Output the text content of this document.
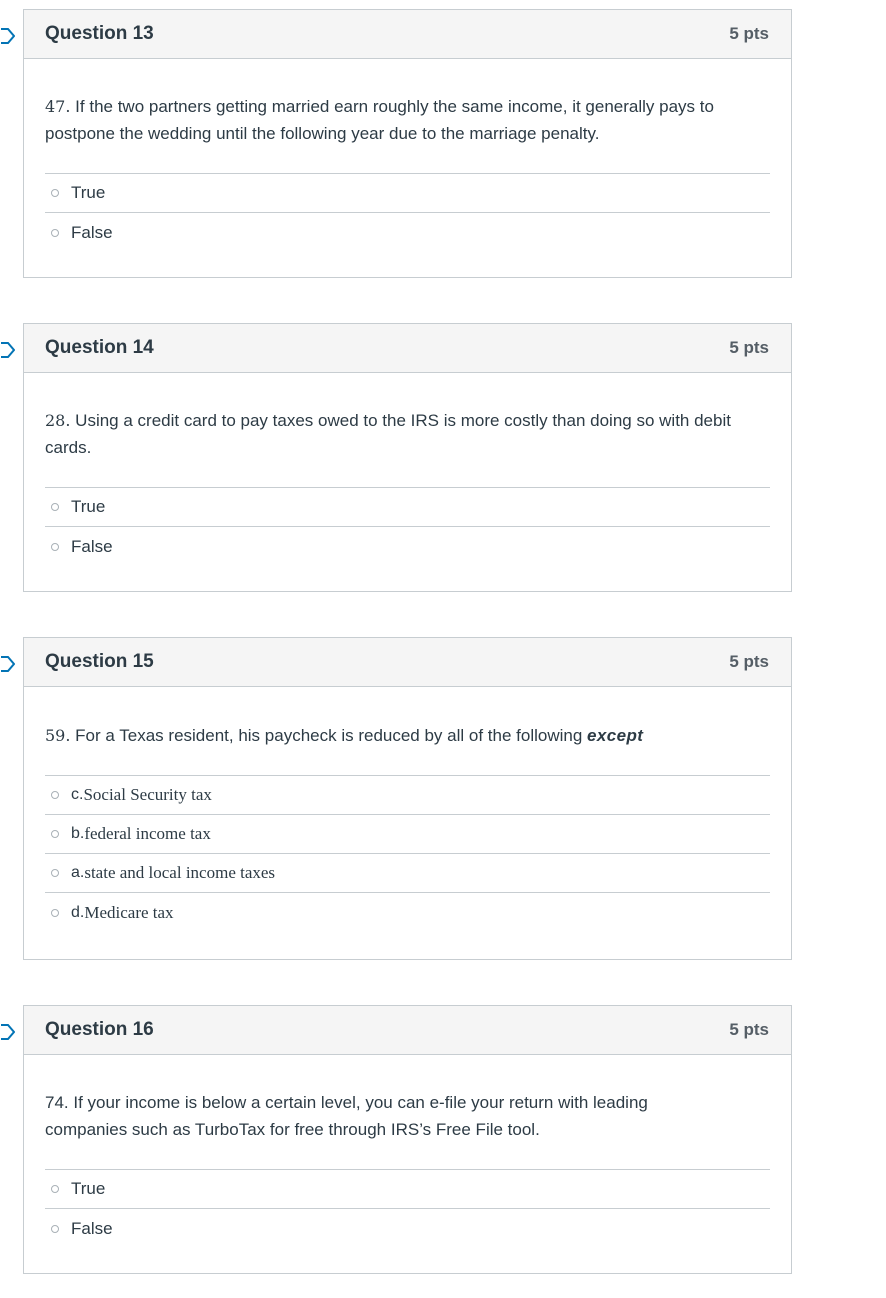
Question 13	5 pts

47. If the two partners getting married earn roughly the same income, it generally pays to postpone the wedding until the following year due to the marriage penalty.

True
False
Question 14	5 pts

28. Using a credit card to pay taxes owed to the IRS is more costly than doing so with debit cards.

True
False
Question 15	5 pts

59. For a Texas resident, his paycheck is reduced by all of the following except

c. Social Security tax
b. federal income tax
a. state and local income taxes
d. Medicare tax
Question 16	5 pts

74. If your income is below a certain level, you can e-file your return with leading companies such as TurboTax for free through IRS’s Free File tool.

True
False
